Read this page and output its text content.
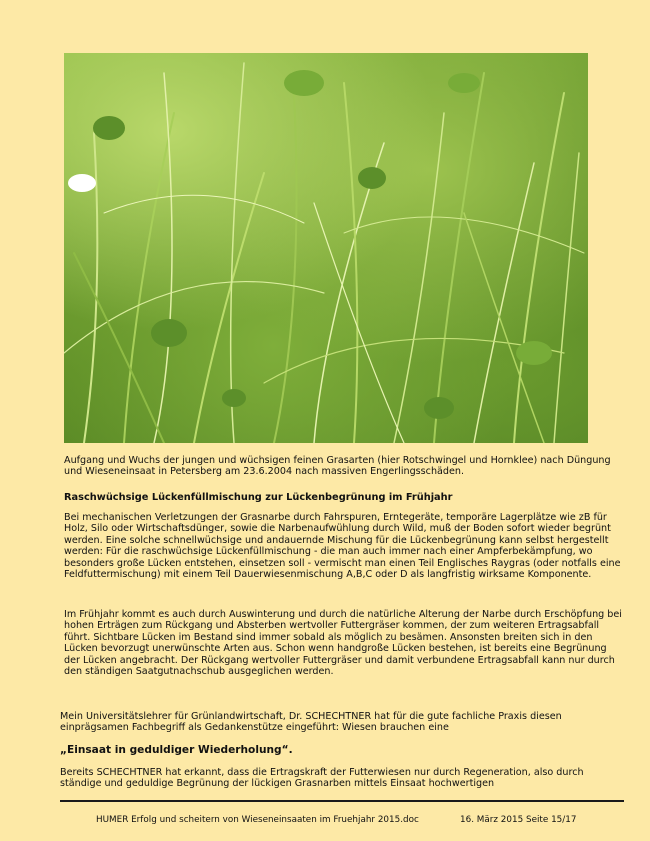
Aufgang und Wuchs der jungen und wüchsigen feinen Grasarten (hier Rotschwingel und Hornklee) nach Düngung und Wieseneinsaat in Petersberg am 23.6.2004 nach massiven Engerlingsschäden.

Raschwüchsige Lückenfüllmischung zur Lückenbegrünung im Frühjahr

Bei mechanischen Verletzungen der Grasnarbe durch Fahrspuren, Erntegeräte, temporäre Lagerplätze wie zB für Holz, Silo oder Wirtschaftsdünger, sowie die Narbenaufwühlung durch Wild, muß der Boden sofort wieder begrünt werden. Eine solche schnellwüchsige und andauernde Mischung für die Lückenbegrünung kann selbst hergestellt werden: Für die raschwüchsige Lückenfüllmischung - die man auch immer nach einer Ampferbekämpfung, wo besonders große Lücken entstehen, einsetzen soll - vermischt man einen Teil Englisches Raygras (oder notfalls eine Feldfuttermischung) mit einem Teil Dauerwiesenmischung A,B,C oder D als langfristig wirksame Komponente.

Im Frühjahr kommt es auch durch Auswinterung und durch die natürliche Alterung der Narbe durch Erschöpfung bei hohen Erträgen zum Rückgang und Absterben wertvoller Futtergräser kommen, der zum weiteren Ertragsabfall führt. Sichtbare Lücken im Bestand sind immer sobald als möglich zu besämen. Ansonsten breiten sich in den Lücken bevorzugt unerwünschte Arten aus. Schon wenn handgroße Lücken bestehen, ist bereits eine Begrünung der Lücken angebracht. Der Rückgang wertvoller Futtergräser und damit verbundene Ertragsabfall kann nur durch den ständigen Saatgutnachschub ausgeglichen werden.

Mein Universitätslehrer für Grünlandwirtschaft, Dr. SCHECHTNER hat für die gute fachliche Praxis diesen einprägsamen Fachbegriff als Gedankenstütze eingeführt: Wiesen brauchen eine

„Einsaat in geduldiger Wiederholung“.

Bereits SCHECHTNER hat erkannt, dass die Ertragskraft der Futterwiesen nur durch Regeneration, also durch ständige und geduldige Begrünung der lückigen Grasnarben mittels Einsaat hochwertigen

HUMER Erfolg und scheitern von Wieseneinsaaten im Fruehjahr 2015.doc	16. März 2015 Seite 15/17
